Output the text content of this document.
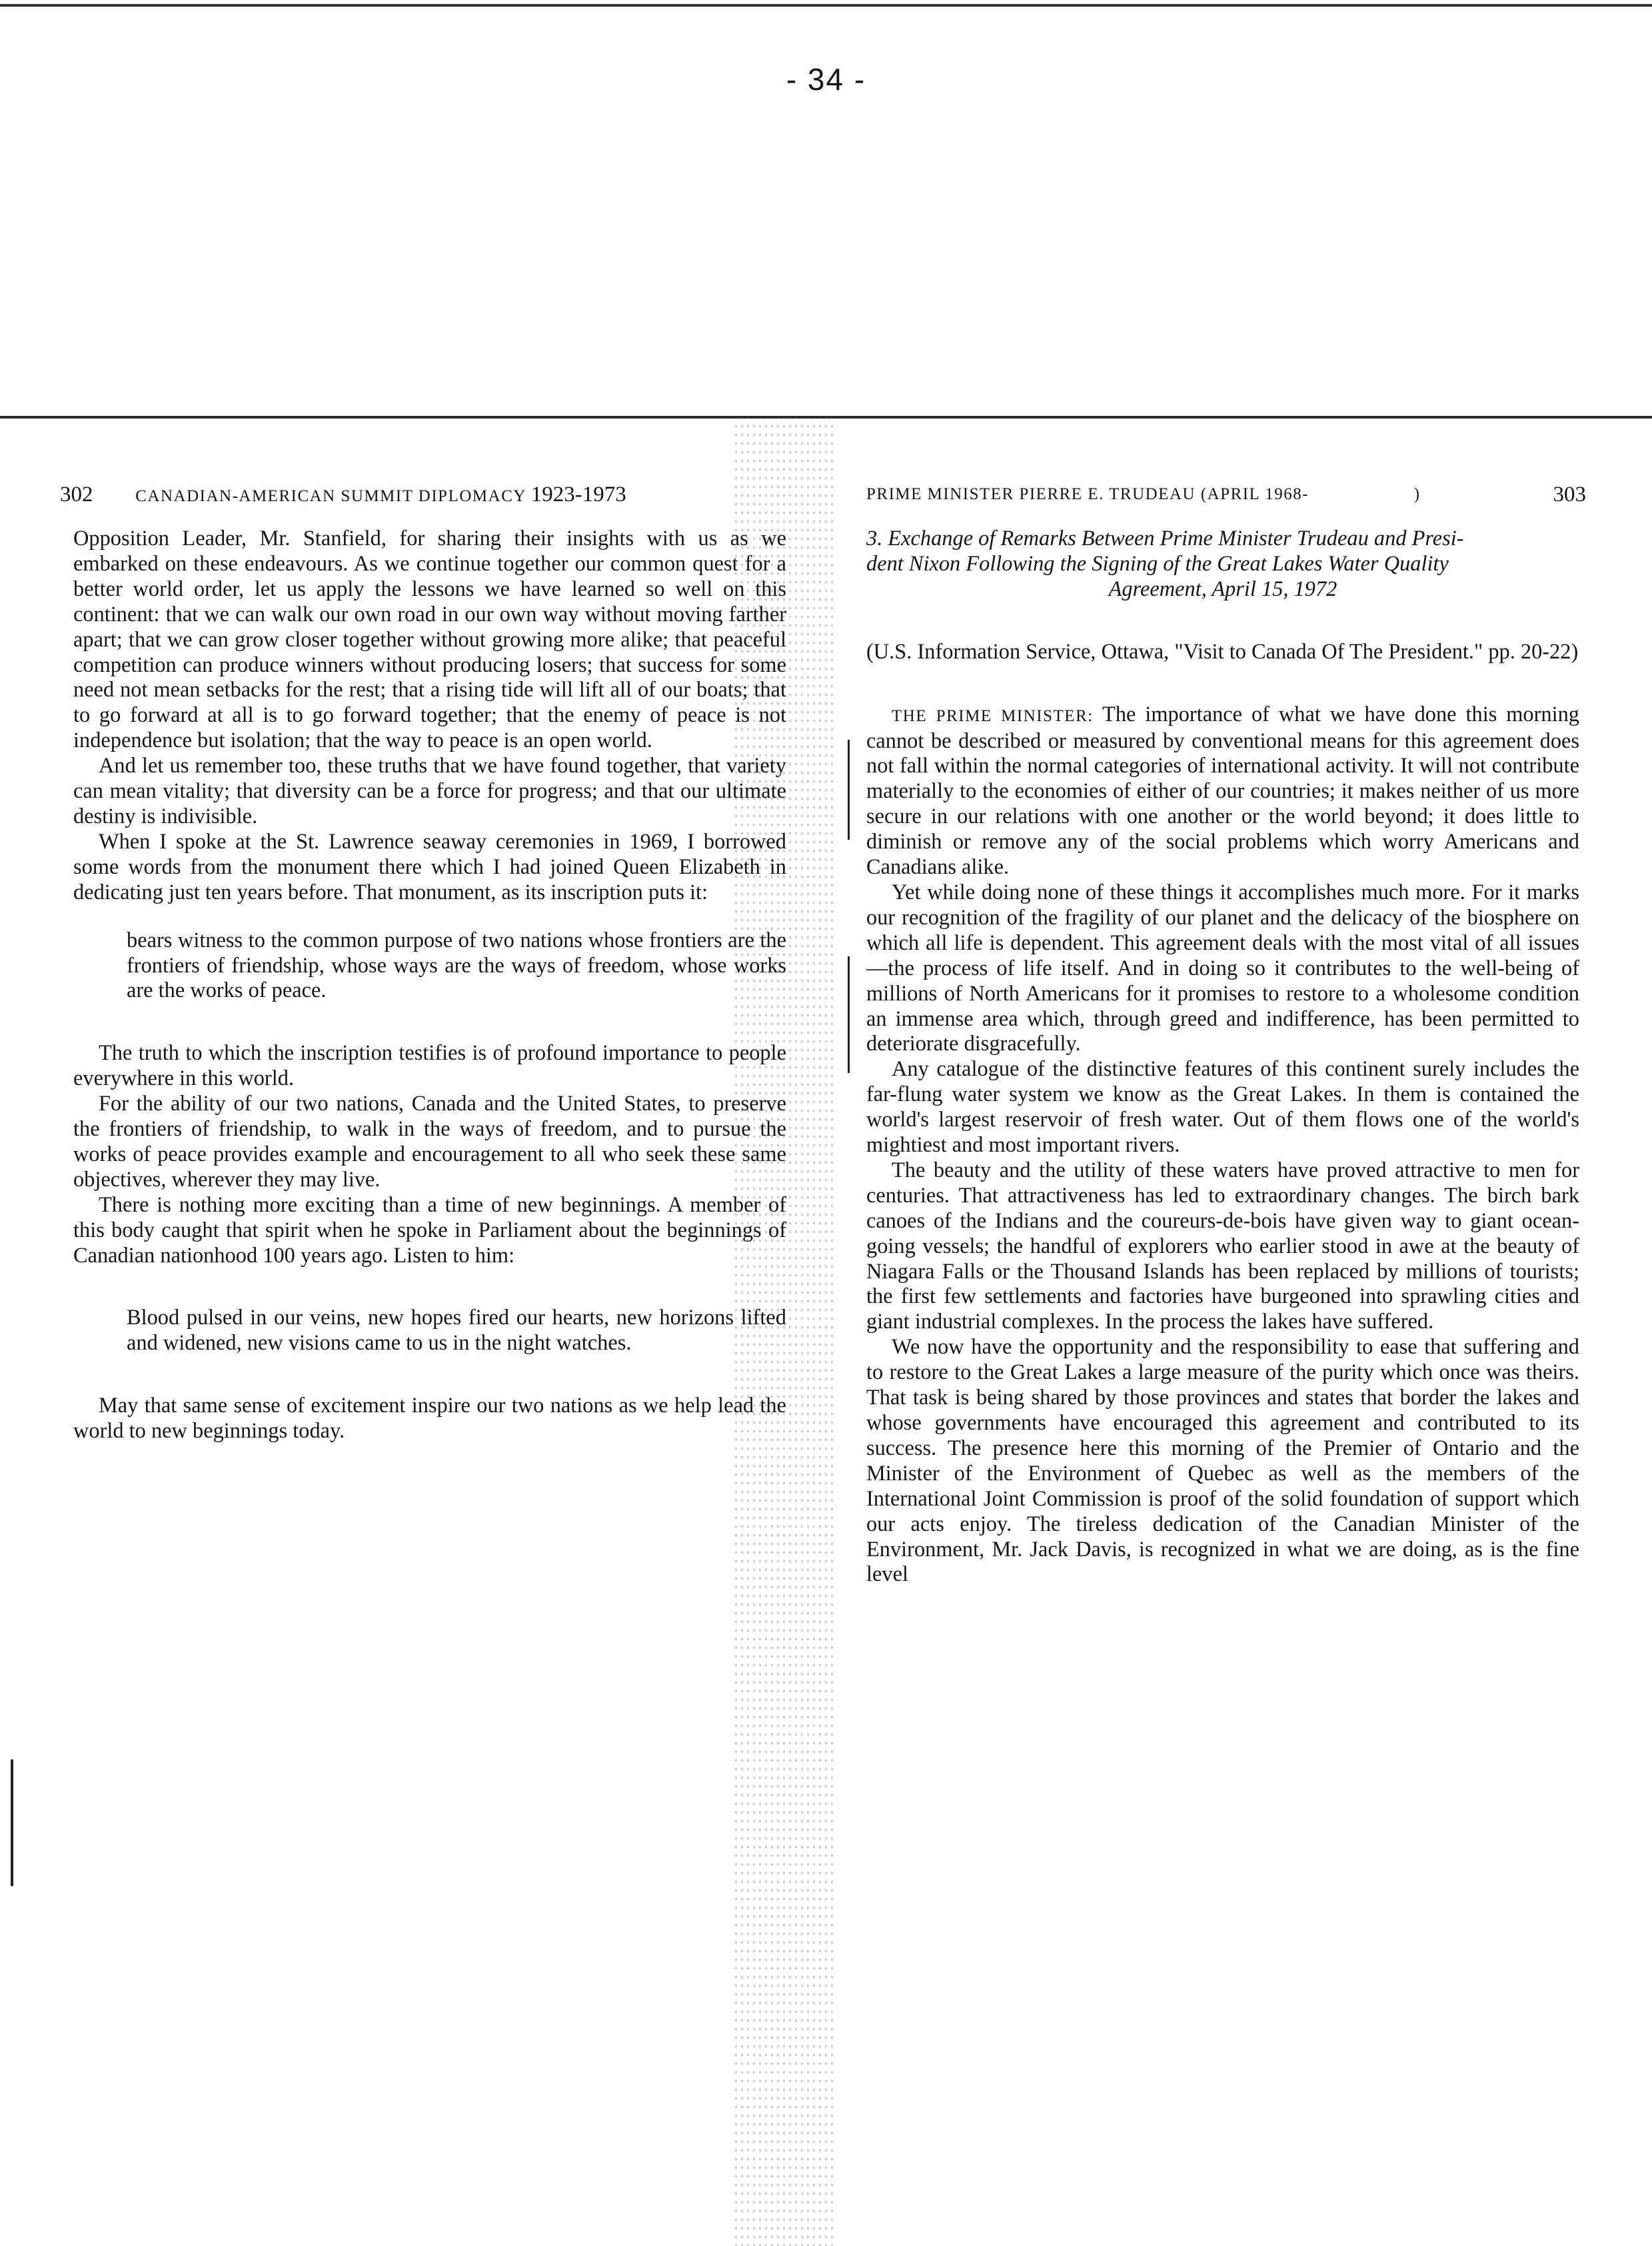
- 34 -
302	CANADIAN-AMERICAN SUMMIT DIPLOMACY 1923-1973	PRIME MINISTER PIERRE E. TRUDEAU (APRIL 1968-	)	303

Opposition Leader, Mr. Stanfield, for sharing their insights with us as we embarked on these endeavours. As we continue together our common quest for a better world order, let us apply the lessons we have learned so well on this continent: that we can walk our own road in our own way without moving farther apart; that we can grow closer together without growing more alike; that peaceful competition can produce winners without producing losers; that success for some need not mean setbacks for the rest; that a rising tide will lift all of our boats; that to go forward at all is to go forward together; that the enemy of peace is not independence but isolation; that the way to peace is an open world.

And let us remember too, these truths that we have found together, that variety can mean vitality; that diversity can be a force for progress; and that our ultimate destiny is indivisible.

When I spoke at the St. Lawrence seaway ceremonies in 1969, I borrowed some words from the monument there which I had joined Queen Elizabeth in dedicating just ten years before. That monument, as its inscription puts it:

bears witness to the common purpose of two nations whose frontiers are the frontiers of friendship, whose ways are the ways of freedom, whose works are the works of peace.

The truth to which the inscription testifies is of profound importance to people everywhere in this world.

For the ability of our two nations, Canada and the United States, to preserve the frontiers of friendship, to walk in the ways of freedom, and to pursue the works of peace provides example and encouragement to all who seek these same objectives, wherever they may live.

There is nothing more exciting than a time of new beginnings. A member of this body caught that spirit when he spoke in Parliament about the beginnings of Canadian nationhood 100 years ago. Listen to him:

Blood pulsed in our veins, new hopes fired our hearts, new horizons lifted and widened, new visions came to us in the night watches.

May that same sense of excitement inspire our two nations as we help lead the world to new beginnings today.

3. Exchange of Remarks Between Prime Minister Trudeau and Presi-
dent Nixon Following the Signing of the Great Lakes Water Quality

Agreement, April 15, 1972

(U.S. Information Service, Ottawa, "Visit to Canada Of The President." pp. 20-22)

THE PRIME MINISTER: The importance of what we have done this morning cannot be described or measured by conventional means for this agreement does not fall within the normal categories of international activity. It will not contribute materially to the economies of either of our countries; it makes neither of us more secure in our relations with one another or the world beyond; it does little to diminish or remove any of the social problems which worry Americans and Canadians alike.

Yet while doing none of these things it accomplishes much more. For it marks our recognition of the fragility of our planet and the delicacy of the biosphere on which all life is dependent. This agreement deals with the most vital of all issues—the process of life itself. And in doing so it contributes to the well-being of millions of North Americans for it promises to restore to a wholesome condition an immense area which, through greed and indifference, has been permitted to deteriorate disgracefully.

Any catalogue of the distinctive features of this continent surely includes the far-flung water system we know as the Great Lakes. In them is contained the world's largest reservoir of fresh water. Out of them flows one of the world's mightiest and most important rivers.

The beauty and the utility of these waters have proved attractive to men for centuries. That attractiveness has led to extraordinary changes. The birch bark canoes of the Indians and the coureurs-de-bois have given way to giant ocean-going vessels; the handful of explorers who earlier stood in awe at the beauty of Niagara Falls or the Thousand Islands has been replaced by millions of tourists; the first few settlements and factories have burgeoned into sprawling cities and giant industrial complexes. In the process the lakes have suffered.

We now have the opportunity and the responsibility to ease that suffering and to restore to the Great Lakes a large measure of the purity which once was theirs. That task is being shared by those provinces and states that border the lakes and whose governments have encouraged this agreement and contributed to its success. The presence here this morning of the Premier of Ontario and the Minister of the Environment of Quebec as well as the members of the International Joint Commission is proof of the solid foundation of support which our acts enjoy. The tireless dedication of the Canadian Minister of the Environment, Mr. Jack Davis, is recognized in what we are doing, as is the fine level
